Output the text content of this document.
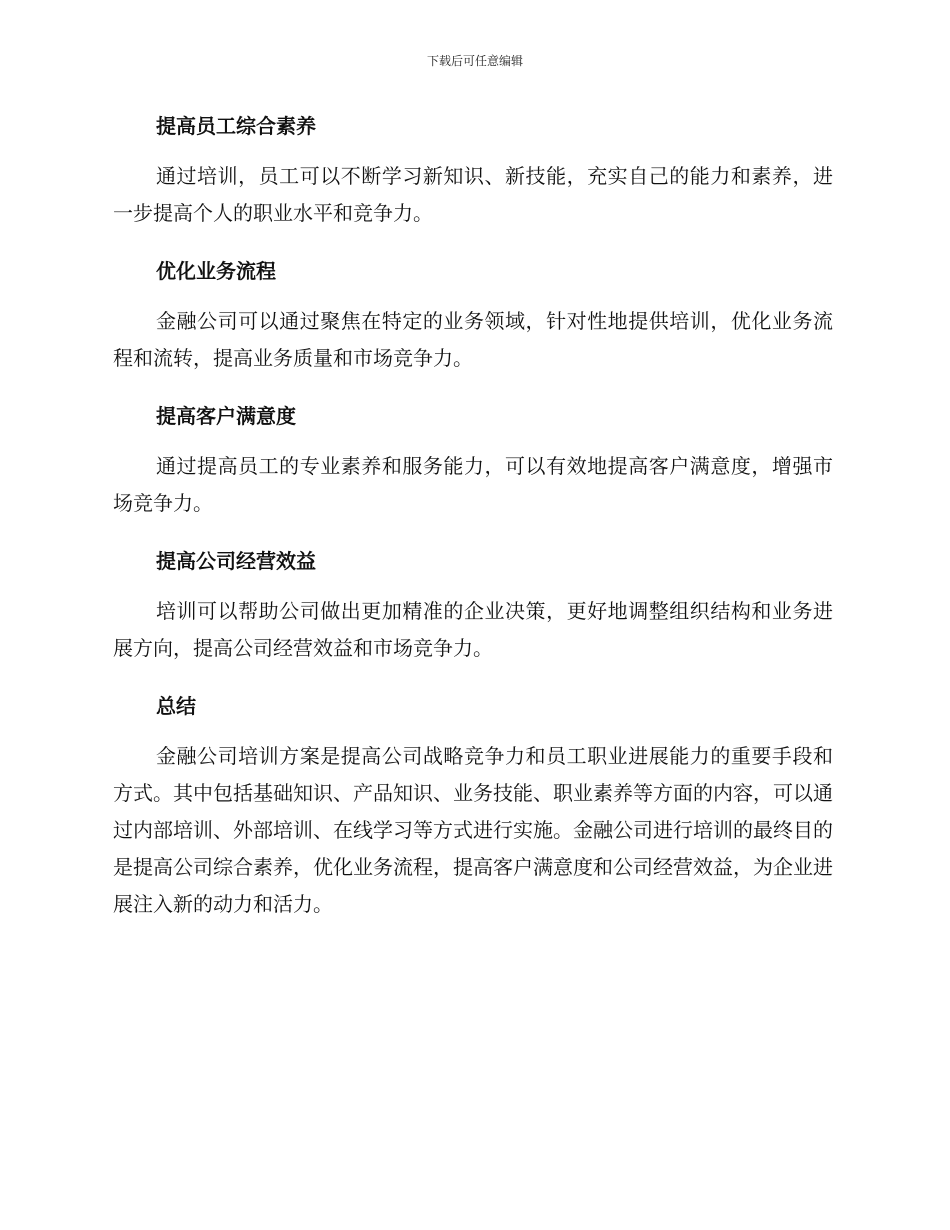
下载后可任意编辑
提高员工综合素养

通过培训，员工可以不断学习新知识、新技能，充实自己的能力和素养，进一步提高个人的职业水平和竞争力。

优化业务流程

金融公司可以通过聚焦在特定的业务领域，针对性地提供培训，优化业务流程和流转，提高业务质量和市场竞争力。

提高客户满意度

通过提高员工的专业素养和服务能力，可以有效地提高客户满意度，增强市场竞争力。

提高公司经营效益

培训可以帮助公司做出更加精准的企业决策，更好地调整组织结构和业务进展方向，提高公司经营效益和市场竞争力。

总结

金融公司培训方案是提高公司战略竞争力和员工职业进展能力的重要手段和方式。其中包括基础知识、产品知识、业务技能、职业素养等方面的内容，可以通过内部培训、外部培训、在线学习等方式进行实施。金融公司进行培训的最终目的是提高公司综合素养，优化业务流程，提高客户满意度和公司经营效益，为企业进展注入新的动力和活力。
